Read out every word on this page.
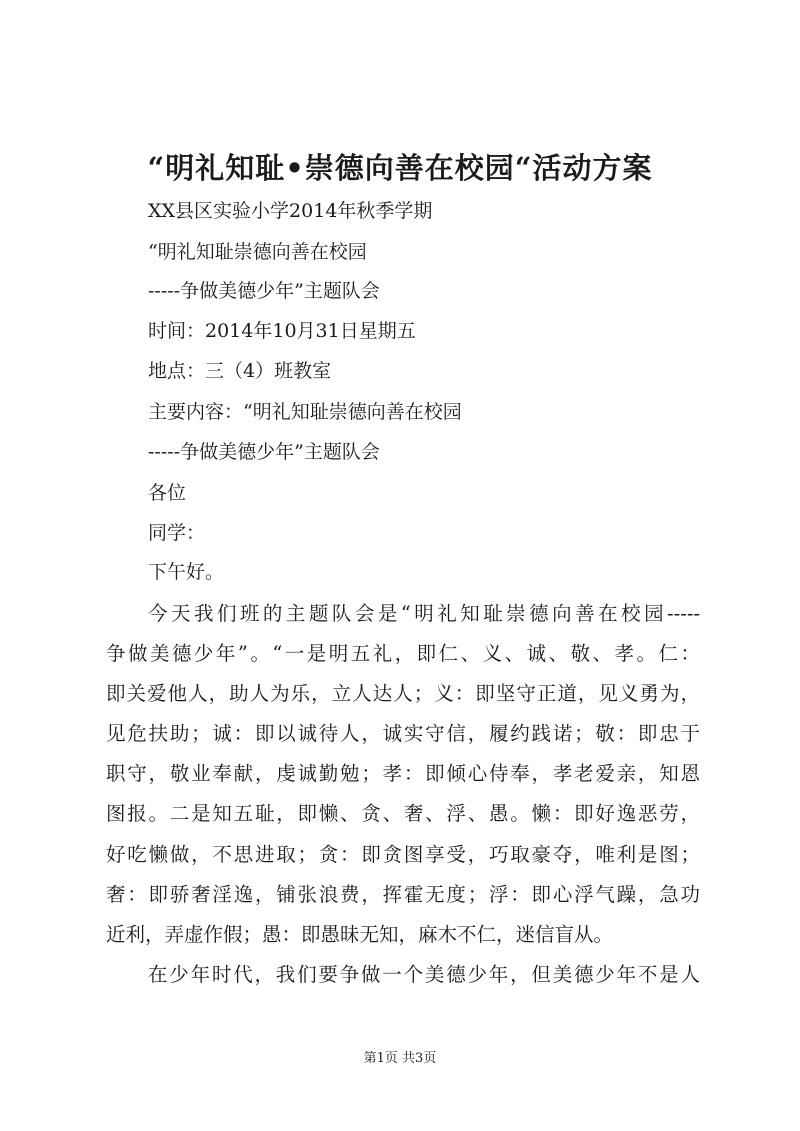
“明礼知耻•崇德向善在校园“活动方案

XX县区实验小学2014年秋季学期

“明礼知耻崇德向善在校园

-----争做美德少年”主题队会

时间：2014年10月31日星期五

地点：三（4）班教室

主要内容：“明礼知耻崇德向善在校园

-----争做美德少年”主题队会

各位

同学：

下午好。

今天我们班的主题队会是“明礼知耻崇德向善在校园-----

争做美德少年”。“一是明五礼，即仁、义、诚、敬、孝。仁：

即关爱他人，助人为乐，立人达人；义：即坚守正道，见义勇为，

见危扶助；诚：即以诚待人，诚实守信，履约践诺；敬：即忠于

职守，敬业奉献，虔诚勤勉；孝：即倾心侍奉，孝老爱亲，知恩

图报。二是知五耻，即懒、贪、奢、浮、愚。懒：即好逸恶劳，

好吃懒做，不思进取；贪：即贪图享受，巧取豪夺，唯利是图；

奢：即骄奢淫逸，铺张浪费，挥霍无度；浮：即心浮气躁，急功

近利，弄虚作假；愚：即愚昧无知，麻木不仁，迷信盲从。

在少年时代，我们要争做一个美德少年，但美德少年不是人

第1页 共3页
